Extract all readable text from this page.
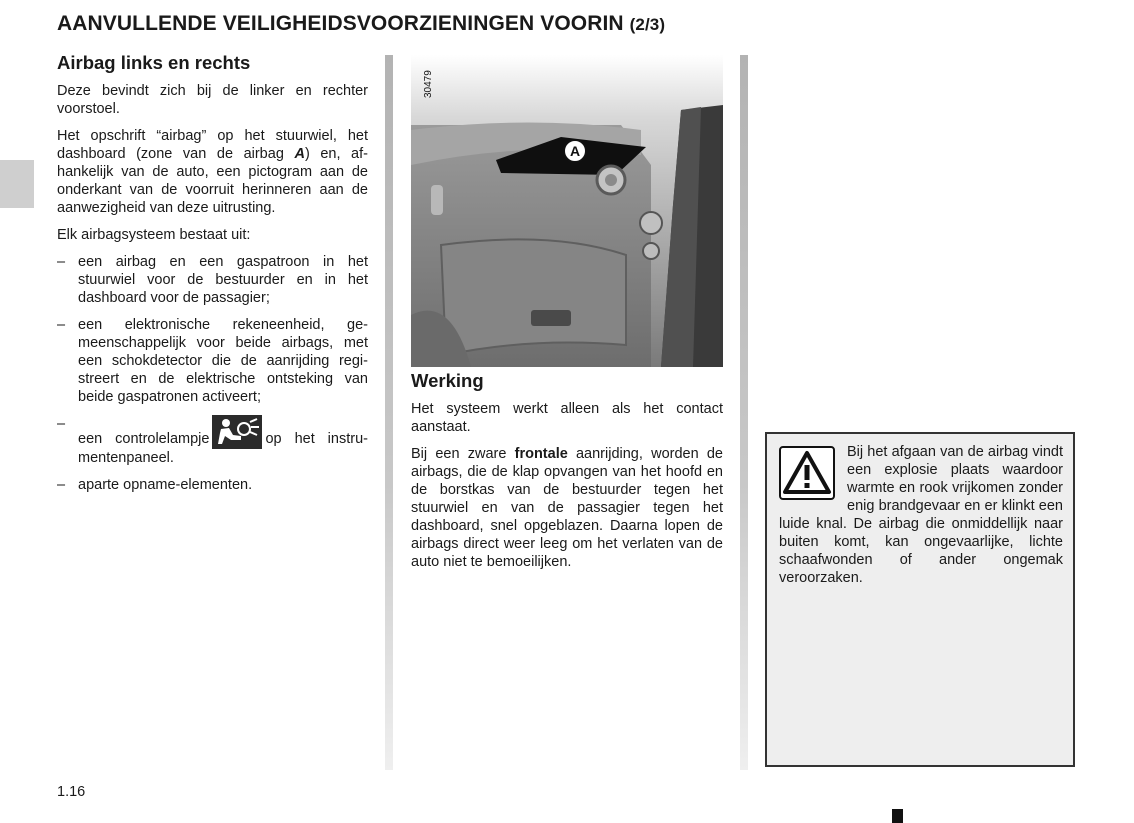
AANVULLENDE VEILIGHEIDSVOORZIENINGEN VOORIN (2/3)
Airbag links en rechts

Deze bevindt zich bij de linker en rechter voorstoel.

Het opschrift “airbag” op het stuurwiel, het dashboard (zone van de airbag A) en, afhankelijk van de auto, een pictogram aan de onderkant van de voorruit herinneren aan de aanwezigheid van deze uitrusting.

Elk airbagsysteem bestaat uit:

– een airbag en een gaspatroon in het stuurwiel voor de bestuurder en in het dashboard voor de passagier;
– een elektronische rekeneenheid, gemeenschappelijk voor beide airbags, met een schokdetector die de aanrijding registreert en de elektrische ontsteking van beide gaspatronen activeert;
–
een controlelampje	op het instrumentenpaneel.
– aparte opname-elementen.
A
30479
Werking

Het systeem werkt alleen als het contact aanstaat.

Bij een zware frontale aanrijding, worden de airbags, die de klap opvangen van het hoofd en de borstkas van de bestuurder tegen het stuurwiel en van de passagier tegen het dashboard, snel opgeblazen. Daarna lopen de airbags direct weer leeg om het verlaten van de auto niet te bemoeilijken.

Bij het afgaan van de airbag vindt een explosie plaats waardoor warmte en rook vrijkomen zonder enig brandgevaar en er klinkt een luide knal. De airbag die onmiddellijk naar buiten komt, kan ongevaarlijke, lichte schaafwonden of ander ongemak veroorzaken.
1.16
